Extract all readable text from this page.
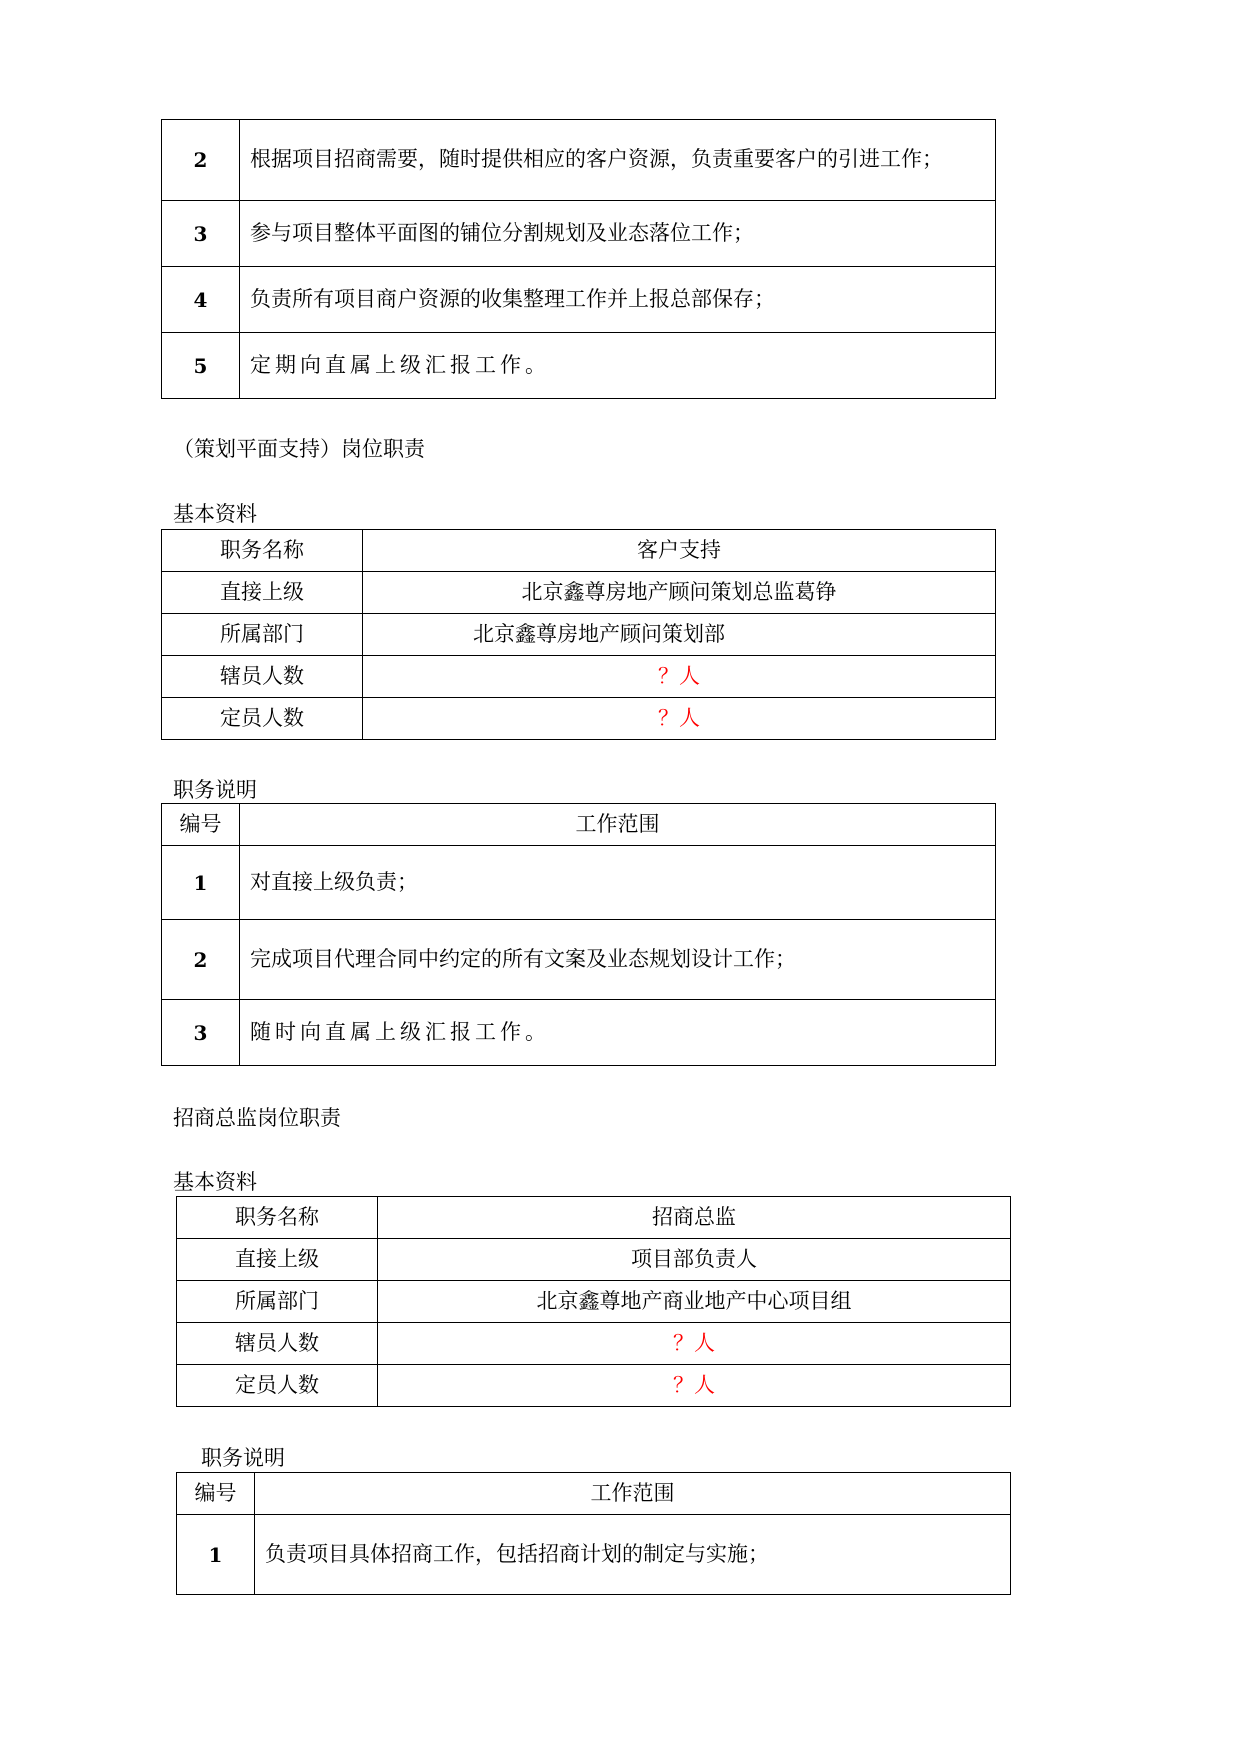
2	根据项目招商需要，随时提供相应的客户资源，负责重要客户的引进工作；
3	参与项目整体平面图的铺位分割规划及业态落位工作；
4	负责所有项目商户资源的收集整理工作并上报总部保存；
5	定期向直属上级汇报工作。
（策划平面支持）岗位职责
基本资料
职务名称	客户支持
直接上级	北京鑫尊房地产顾问策划总监葛铮
所属部门	北京鑫尊房地产顾问策划部
辖员人数	？人
定员人数	？人
职务说明
编号	工作范围
1	对直接上级负责；
2	完成项目代理合同中约定的所有文案及业态规划设计工作；
3	随时向直属上级汇报工作。
招商总监岗位职责
基本资料
职务名称	招商总监
直接上级	项目部负责人
所属部门	北京鑫尊地产商业地产中心项目组
辖员人数	？人
定员人数	？人
职务说明
编号	工作范围
1	负责项目具体招商工作，包括招商计划的制定与实施；
